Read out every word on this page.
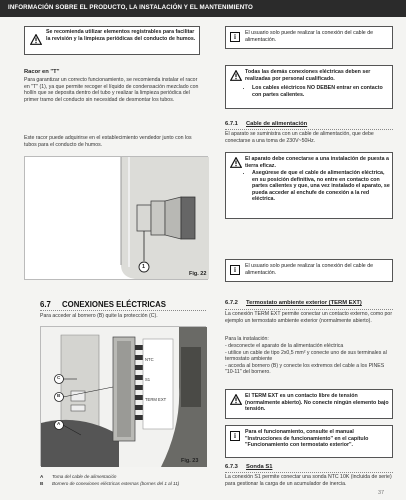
INFORMACIÓN SOBRE EL PRODUCTO, LA INSTALACIÓN Y EL MANTENIMIENTO
Se recomienda utilizar elementos registrables para facilitar la revisión y la limpieza periódicas del conducto de humos.
Racor en "T"
Para garantizar un correcto funcionamiento, se recomienda instalar el racor en "T" (1), ya que permite recoger el líquido de condensación mezclado con hollín que se deposita dentro del tubo y realizar la limpieza periódica del primer tramo del conducto sin necesidad de desmontar los tubos.
Este racor puede adquirirse en el establecimiento vendedor junto con los tubos para el conducto de humos.
1
Fig. 22
i	El usuario solo puede realizar la conexión del cable de alimentación.
Todas las demás conexiones eléctricas deben ser realizadas por personal cualificado.
• Los cables eléctricos NO DEBEN entrar en contacto con partes calientes.
6.7.1 Cable de alimentación
El aparato se suministra con un cable de alimentación, que debe conectarse a una toma de 230V~50Hz.
El aparato debe conectarse a una instalación de puesta a tierra eficaz.
• Asegúrese de que el cable de alimentación eléctrica, en su posición definitiva, no entre en contacto con partes calientes y que, una vez instalado el aparato, se pueda acceder al enchufe de conexión a la red eléctrica.
i	El usuario solo puede realizar la conexión del cable de alimentación.
6.7 CONEXIONES ELÉCTRICAS
Para acceder al bornero (B) quite la protección (C).
A
B
C
NTC
S1
TERM EXT
Fig. 23
A Toma del cable de alimentación
B Bornero de conexiones eléctricas externas (bornes del 1 al 11)
6.7.2 Termostato ambiente exterior (TERM EXT)
La conexión TERM EXT permite conectar un contacto externo, como por ejemplo un termostato ambiente exterior (normalmente abierto).
Para la instalación:
- desconecte el aparato de la alimentación eléctrica
- utilice un cable de tipo 2x0,5 mm² y conecte uno de sus terminales al termostato ambiente
- acceda al bornero (B) y conecte los extremos del cable a los PINES "10-11" del bornero.
El TERM EXT es un contacto libre de tensión (normalmente abierto). No conecte ningún elemento bajo tensión.
i	Para el funcionamiento, consulte el manual "Instrucciones de funcionamiento" en el capítulo "Funcionamiento con termostato exterior".
6.7.3 Sonda S1
La conexión S1 permite conectar una sonda NTC 10K (incluida de serie) para gestionar la carga de un acumulador de inercia.
37
